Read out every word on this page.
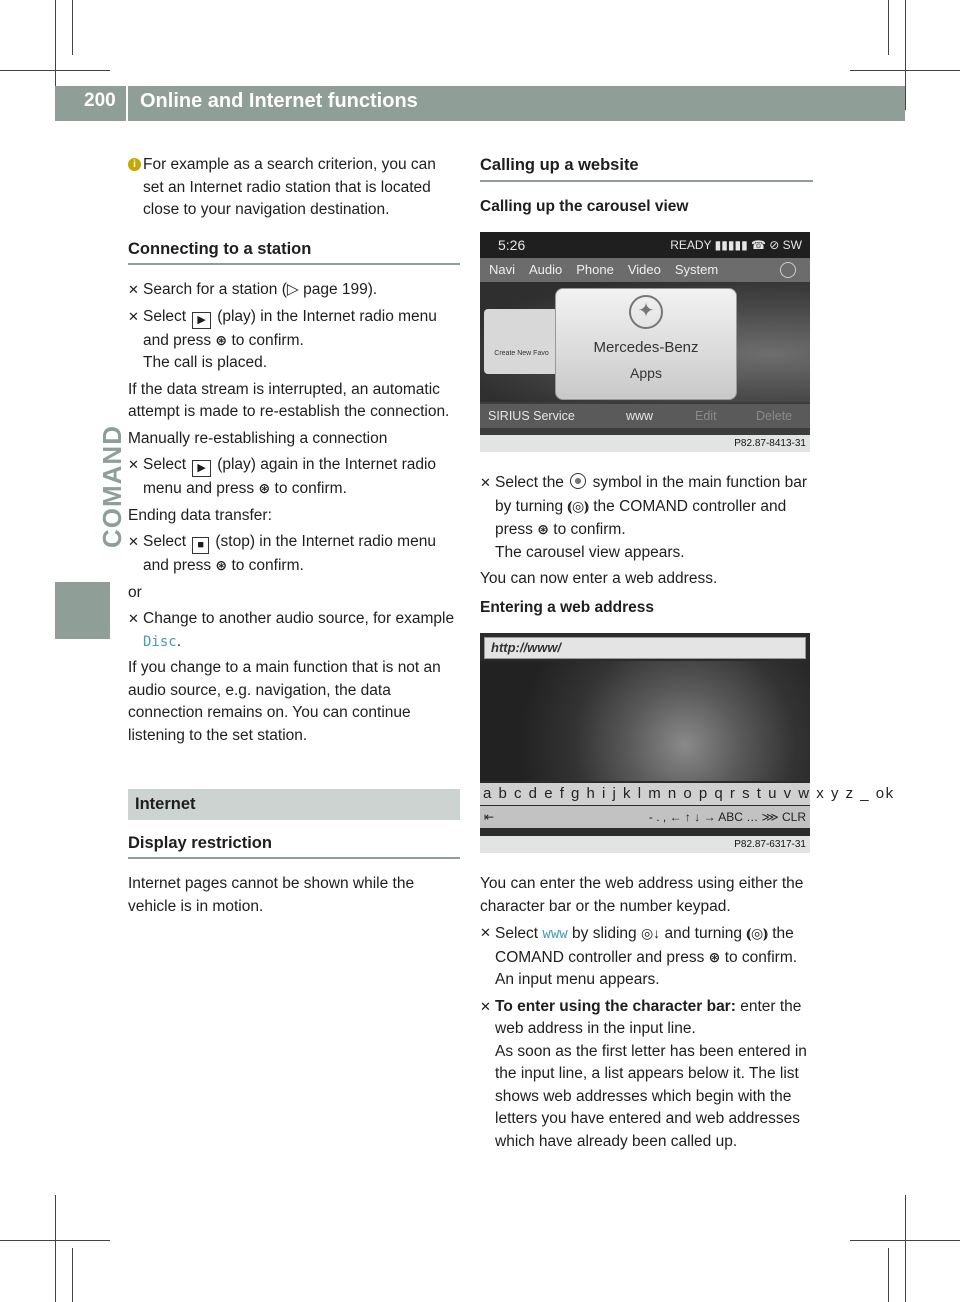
200 Online and Internet functions
COMAND
i For example as a search criterion, you can set an Internet radio station that is located close to your navigation destination.
Connecting to a station
✕ Search for a station (▷ page 199).
✕ Select ▶ (play) in the Internet radio menu and press ⊛ to confirm.
The call is placed.
If the data stream is interrupted, an automatic attempt is made to re-establish the connection.
Manually re-establishing a connection
✕ Select ▶ (play) again in the Internet radio menu and press ⊛ to confirm.
Ending data transfer:
✕ Select ■ (stop) in the Internet radio menu and press ⊛ to confirm.
or
✕ Change to another audio source, for example Disc.
If you change to a main function that is not an audio source, e.g. navigation, the data connection remains on. You can continue listening to the set station.
Internet
Display restriction
Internet pages cannot be shown while the vehicle is in motion.
Calling up a website
Calling up the carousel view
5:26	READY ▮▮▮▮▮ ☎ ⊘ SW
Navi Audio Phone Video System
Create New Favo
✦
Mercedes-Benz
Apps
SIRIUS Service	www	Edit	Delete
P82.87-8413-31
✕ Select the symbol in the main function bar by turning ⦅◎⦆ the COMAND controller and press ⊛ to confirm.
The carousel view appears.
You can now enter a web address.
Entering a web address
http://www/
a b c d e f g h i j k l m n o p q r s t u v w x y z _ ok
⇤	- . , ← ↑ ↓ → ABC … ⋙ CLR
P82.87-6317-31
You can enter the web address using either the character bar or the number keypad.
✕ Select www by sliding ◎↓ and turning ⦅◎⦆ the COMAND controller and press ⊛ to confirm.
An input menu appears.
✕ To enter using the character bar: enter the web address in the input line.
As soon as the first letter has been entered in the input line, a list appears below it. The list shows web addresses which begin with the letters you have entered and web addresses which have already been called up.
